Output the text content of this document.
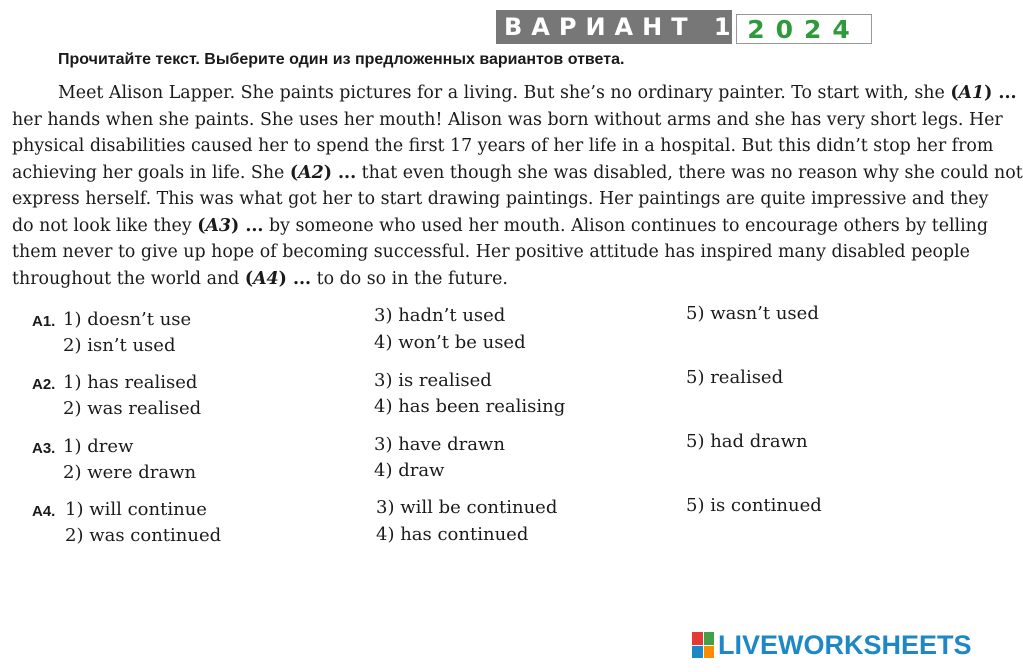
ВАРИАНТ 1 2024
Прочитайте текст. Выберите один из предложенных вариантов ответа.
Meet Alison Lapper. She paints pictures for a living. But she’s no ordinary painter. To start with, she (A1) ...
her hands when she paints. She uses her mouth! Alison was born without arms and she has very short legs. Her
physical disabilities caused her to spend the first 17 years of her life in a hospital. But this didn’t stop her from
achieving her goals in life. She (A2) ... that even though she was disabled, there was no reason why she could not
express herself. This was what got her to start drawing paintings. Her paintings are quite impressive and they
do not look like they (A3) ... by someone who used her mouth. Alison continues to encourage others by telling
them never to give up hope of becoming successful. Her positive attitude has inspired many disabled people
throughout the world and (A4) ... to do so in the future.
A1. 1) doesn’t use
2) isn’t used
3) hadn’t used
4) won’t be used
5) wasn’t used
A2. 1) has realised
2) was realised
3) is realised
4) has been realising
5) realised
A3. 1) drew
2) were drawn
3) have drawn
4) draw
5) had drawn
A4. 1) will continue
2) was continued
3) will be continued
4) has continued
5) is continued
LIVEWORKSHEETS
